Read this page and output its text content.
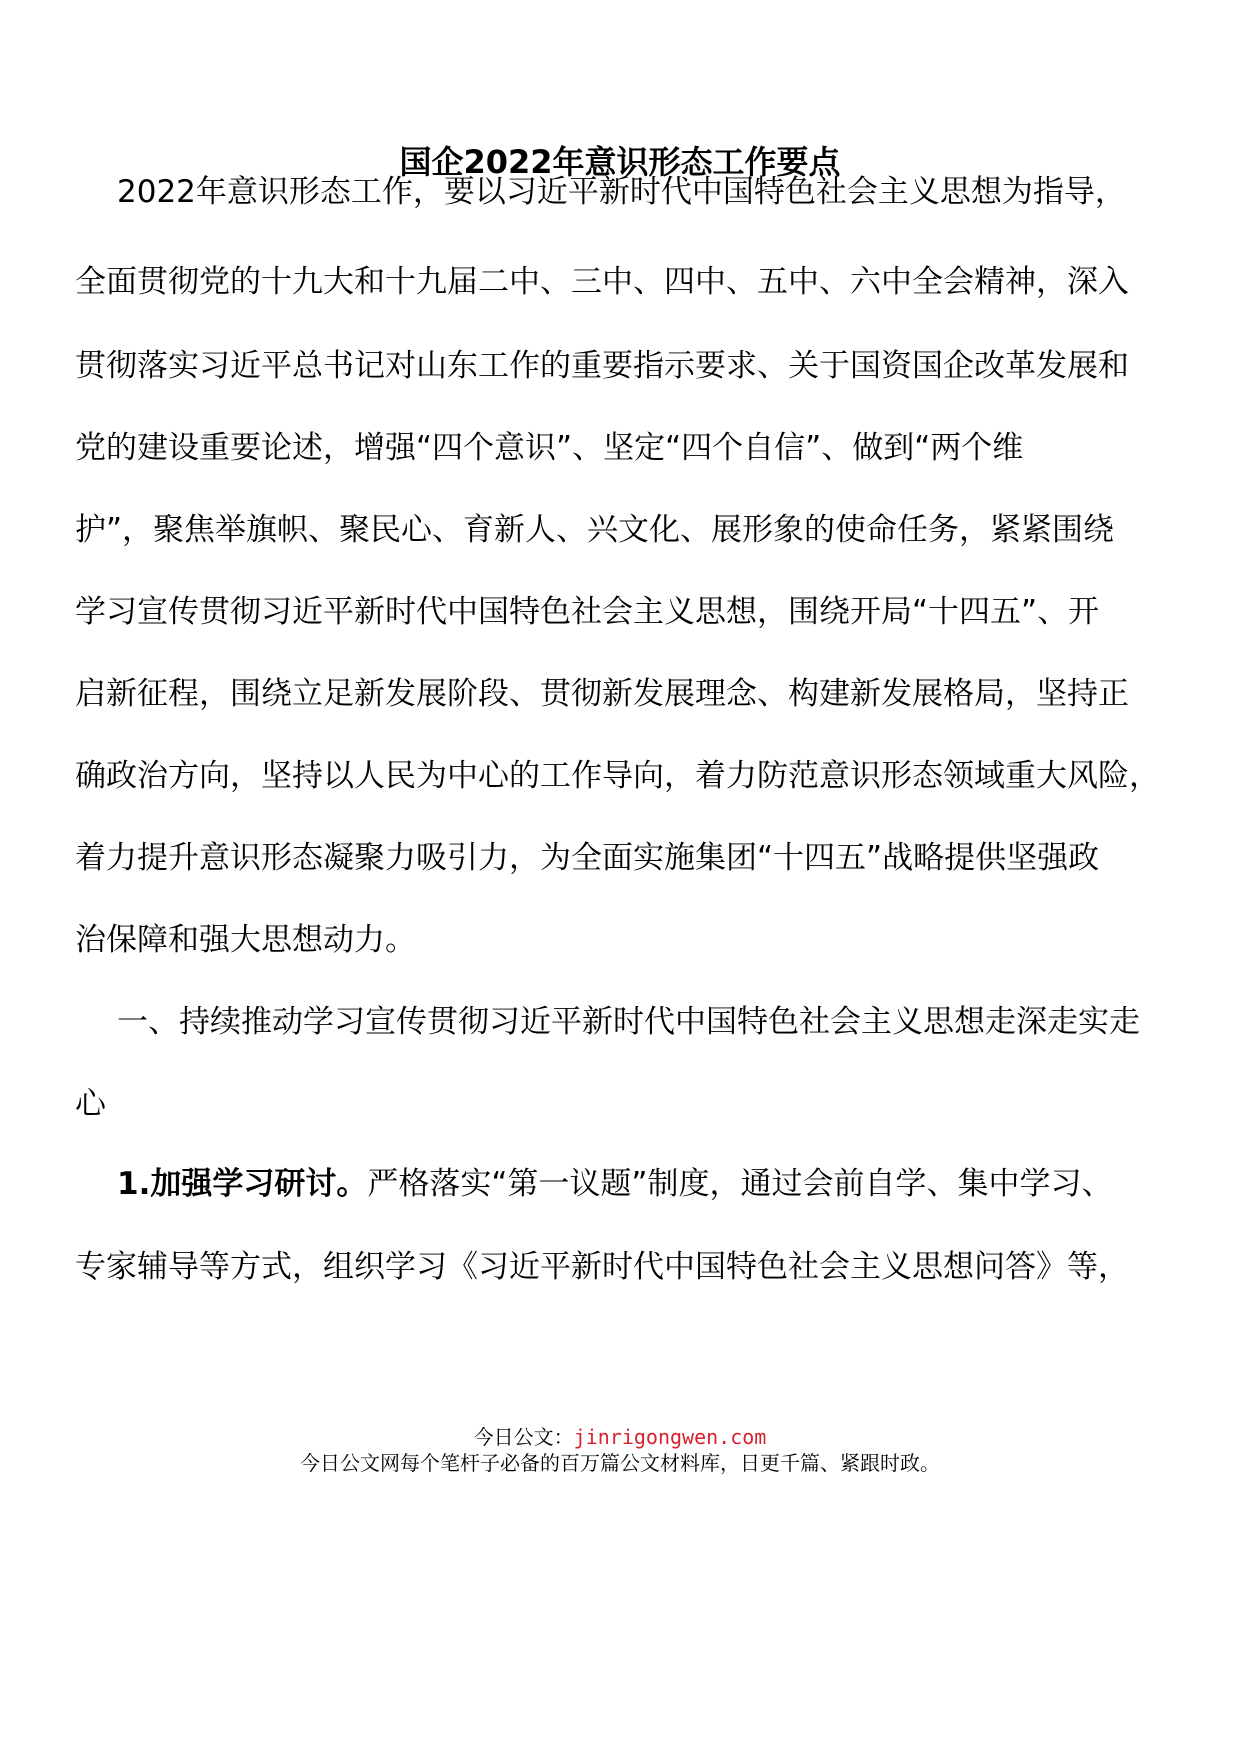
国企2022年意识形态工作要点
2022年意识形态工作，要以习近平新时代中国特色社会主义思想为指导，
全面贯彻党的十九大和十九届二中、三中、四中、五中、六中全会精神，深入
贯彻落实习近平总书记对山东工作的重要指示要求、关于国资国企改革发展和
党的建设重要论述，增强“四个意识”、坚定“四个自信”、做到“两个维
护”，聚焦举旗帜、聚民心、育新人、兴文化、展形象的使命任务，紧紧围绕
学习宣传贯彻习近平新时代中国特色社会主义思想，围绕开局“十四五”、开
启新征程，围绕立足新发展阶段、贯彻新发展理念、构建新发展格局，坚持正
确政治方向，坚持以人民为中心的工作导向，着力防范意识形态领域重大风险，
着力提升意识形态凝聚力吸引力，为全面实施集团“十四五”战略提供坚强政
治保障和强大思想动力。
一、持续推动学习宣传贯彻习近平新时代中国特色社会主义思想走深走实走
心
1.加强学习研讨。严格落实“第一议题”制度，通过会前自学、集中学习、
专家辅导等方式，组织学习《习近平新时代中国特色社会主义思想问答》等，
今日公文：jinrigongwen.com
今日公文网每个笔杆子必备的百万篇公文材料库，日更千篇、紧跟时政。
